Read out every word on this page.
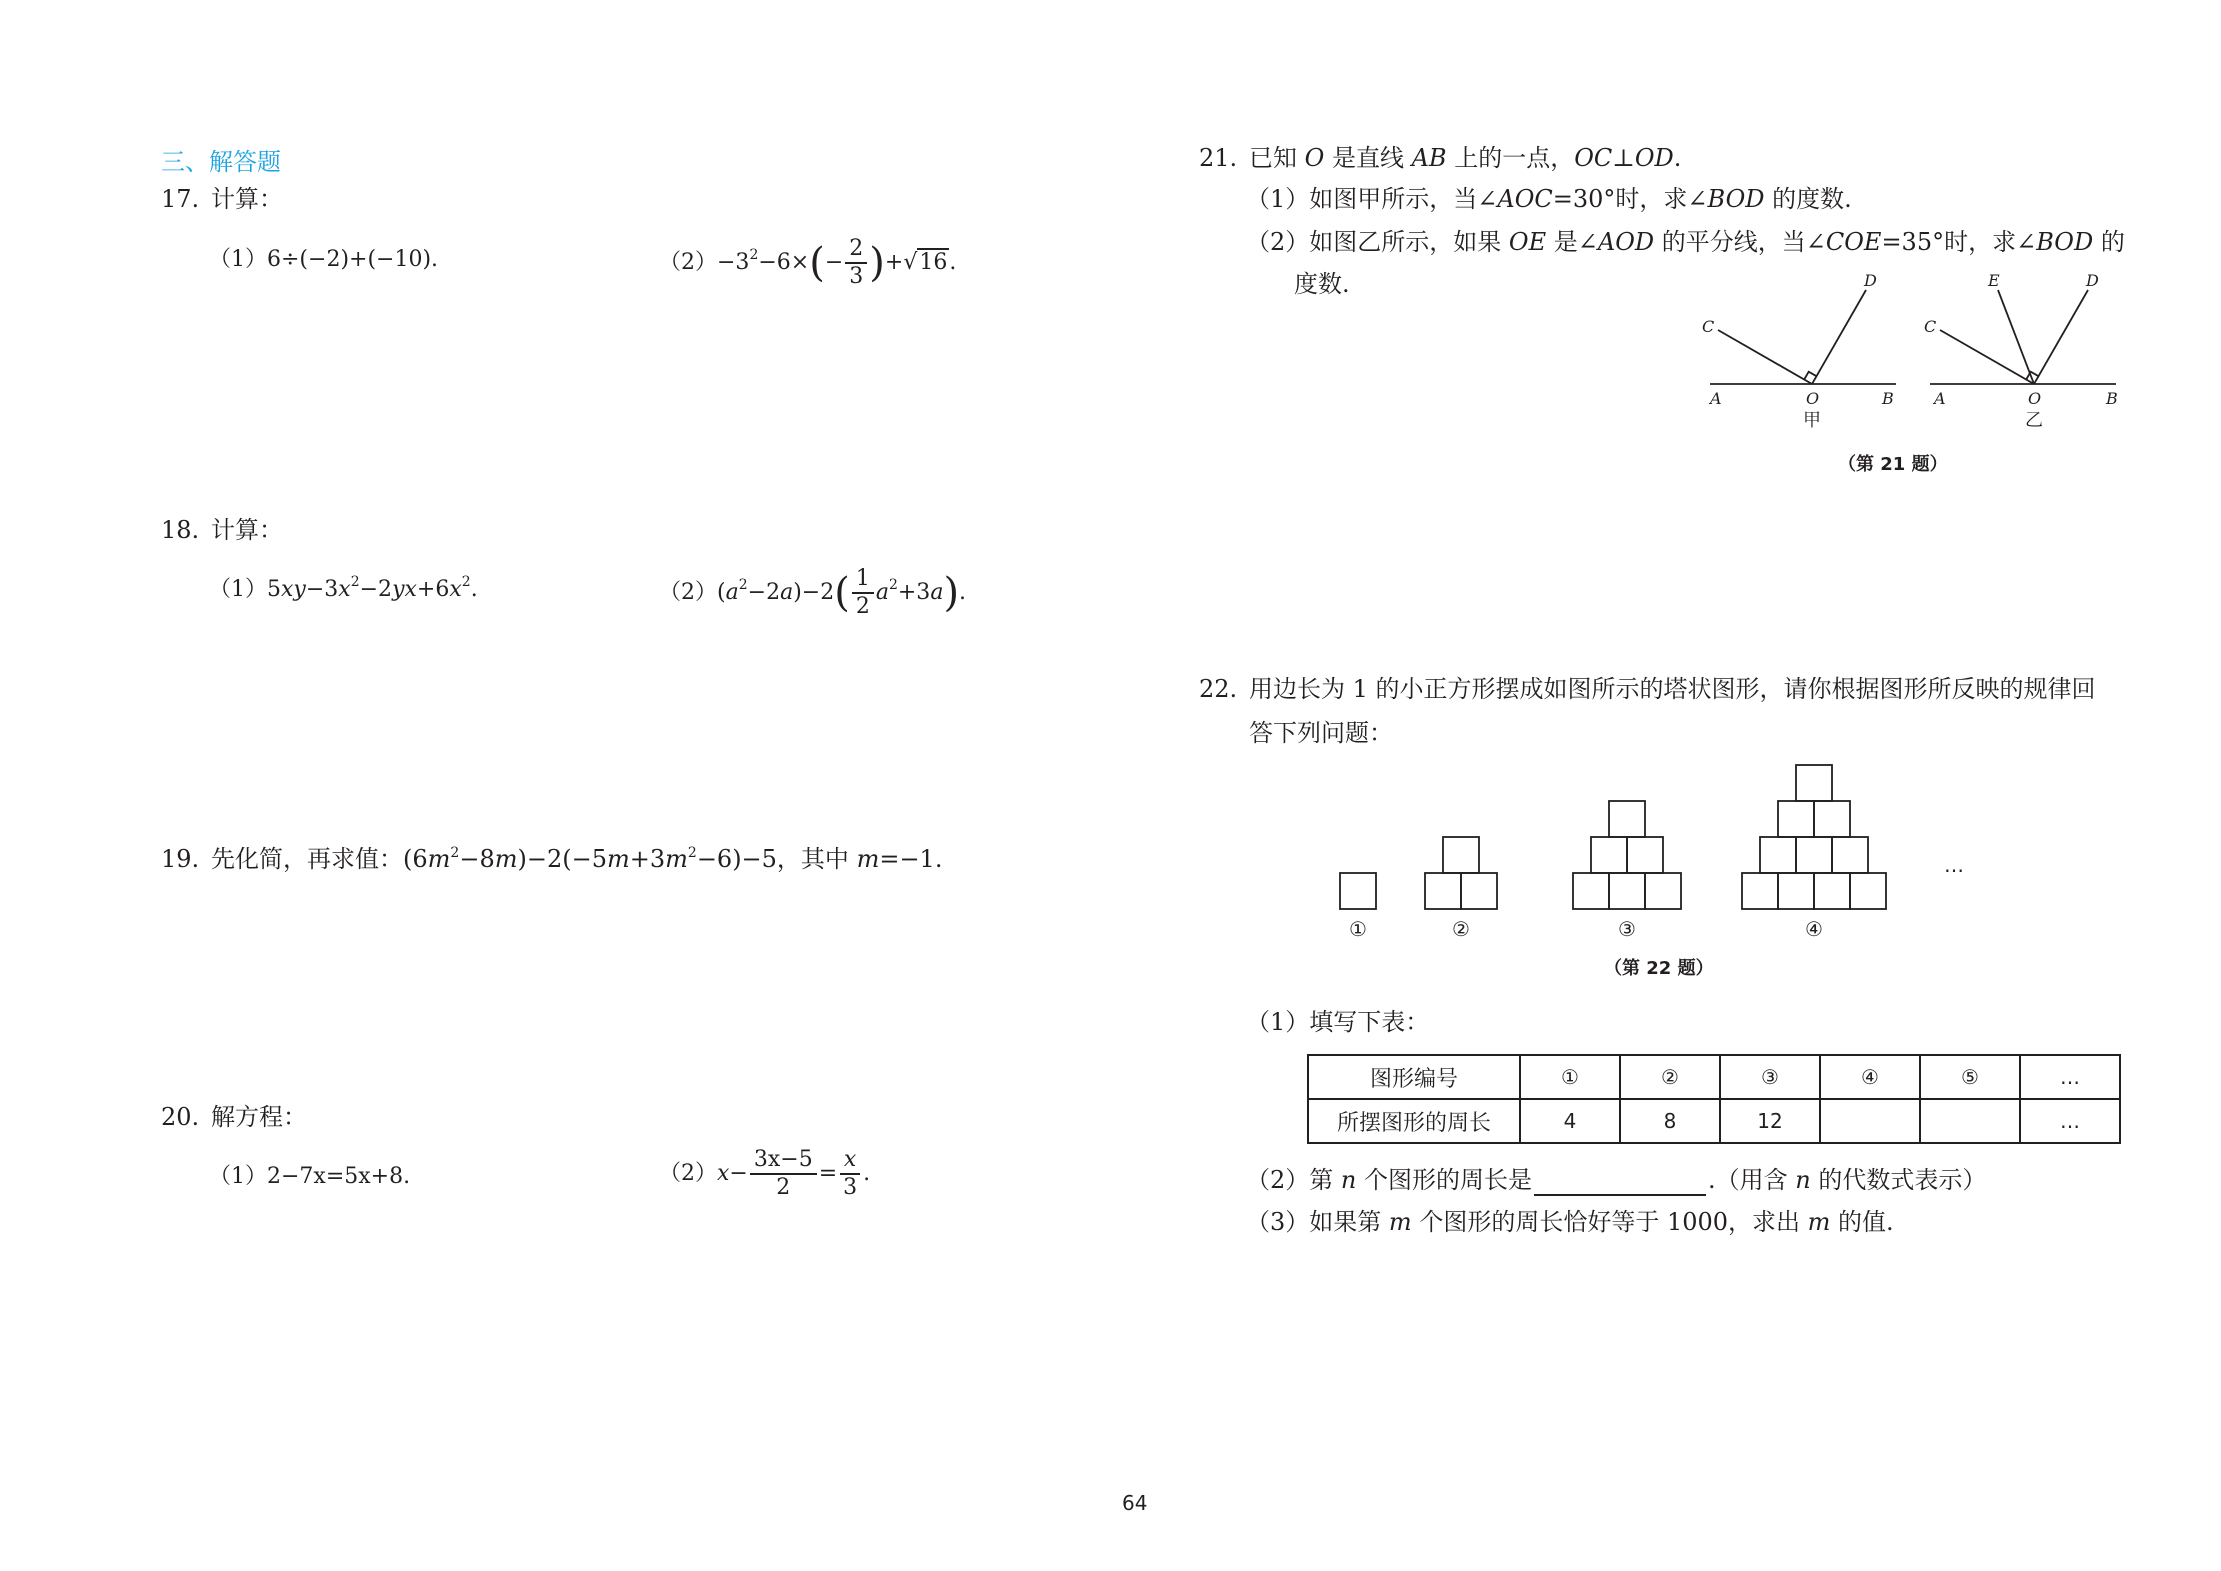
三、解答题
17. 计算：
（1）6÷(−2)+(−10).	$(2)-3^2-6\times(- \frac{2}{3} )+√16$.
18. 计算：
$(1)5xy-3x^2-2yx+6x^2$.	$(2)(a^2-2a)-2( \frac{1}{2} a^2+3a)$.
19. 先化简，再求值：$(6m^2-8m)-2(-5m+3m^2-6)-5$，其中 m=−1.
20. 解方程：
（1）2−7x=5x+8.	$(2)x- \frac{3x-5}{2} = \frac{x}{3}$ .
21. 已知 O 是直线 AB 上的一点，OC⊥OD.
（1）如图甲所示，当∠AOC=30°时，求∠BOD 的度数.
（2）如图乙所示，如果 OE 是∠AOD 的平分线，当∠COE=35°时，求∠BOD 的
度数.
C
D
A	O	B
甲
C
E	D
A	O	B
乙
（第 21 题）
22. 用边长为 1 的小正方形摆成如图所示的塔状图形，请你根据图形所反映的规律回
答下列问题：
①	②	③	④
…
（第 22 题）
（1）填写下表：
图形编号	①	②	③	④	⑤	…
所摆图形的周长	4	8	12			…
（2）第 n 个图形的周长是	.（用含 n 的代数式表示）
（3）如果第 m 个图形的周长恰好等于 1000，求出 m 的值.
64
